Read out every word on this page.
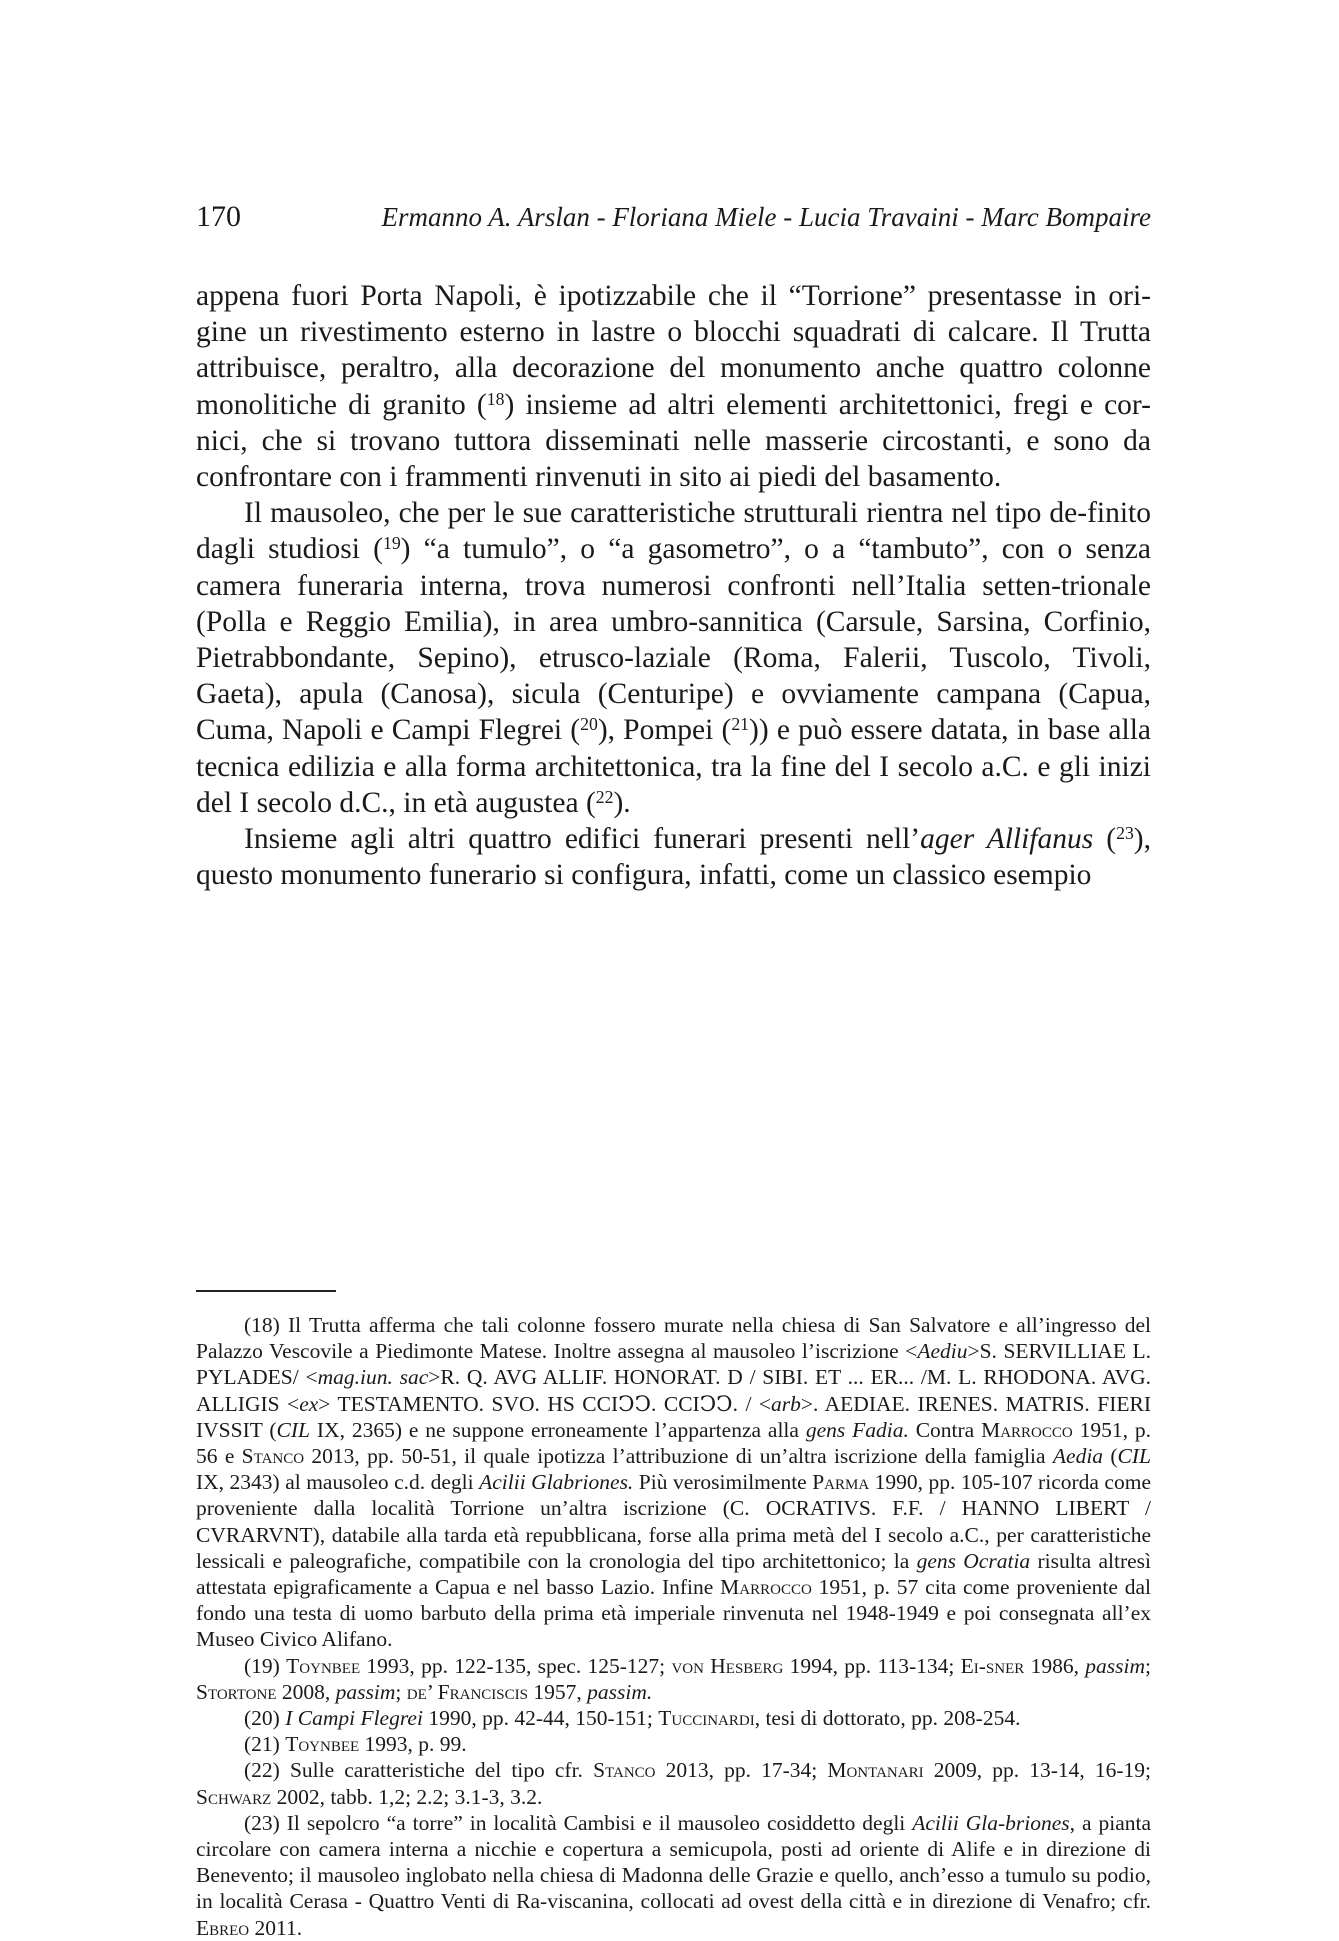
170	Ermanno A. Arslan - Floriana Miele - Lucia Travaini - Marc Bompaire

appena fuori Porta Napoli, è ipotizzabile che il “Torrione” presentasse in ori-gine un rivestimento esterno in lastre o blocchi squadrati di calcare. Il Trutta attribuisce, peraltro, alla decorazione del monumento anche quattro colonne monolitiche di granito ($^{18}$) insieme ad altri elementi architettonici, fregi e cor-nici, che si trovano tuttora disseminati nelle masserie circostanti, e sono da confrontare con i frammenti rinvenuti in sito ai piedi del basamento.

Il mausoleo, che per le sue caratteristiche strutturali rientra nel tipo de-finito dagli studiosi ($^{19}$) “a tumulo”, o “a gasometro”, o a “tambuto”, con o senza camera funeraria interna, trova numerosi confronti nell’Italia setten-trionale (Polla e Reggio Emilia), in area umbro-sannitica (Carsule, Sarsina, Corfinio, Pietrabbondante, Sepino), etrusco-laziale (Roma, Falerii, Tuscolo, Tivoli, Gaeta), apula (Canosa), sicula (Centuripe) e ovviamente campana (Capua, Cuma, Napoli e Campi Flegrei ($^{20}$), Pompei ($^{21}$)) e può essere datata, in base alla tecnica edilizia e alla forma architettonica, tra la fine del I secolo a.C. e gli inizi del I secolo d.C., in età augustea ($^{22}$).

Insieme agli altri quattro edifici funerari presenti nell’ager Allifanus ($^{23}$), questo monumento funerario si configura, infatti, come un classico esempio

(18) Il Trutta afferma che tali colonne fossero murate nella chiesa di San Salvatore e all’ingresso del Palazzo Vescovile a Piedimonte Matese. Inoltre assegna al mausoleo l’iscrizione <Aediu>S. SERVILLIAE L. PYLADES/ <mag.iun. sac>R. Q. AVG ALLIF. HONORAT. D / SIBI. ET ... ER... /M. L. RHODONA. AVG. ALLIGIS <ex> TESTAMENTO. SVO. HS CCIↃↃ. CCIↃↃ. / <arb>. AEDIAE. IRENES. MATRIS. FIERI IVSSIT (CIL IX, 2365) e ne suppone erroneamente l’appartenza alla gens Fadia. Contra Marrocco 1951, p. 56 e Stanco 2013, pp. 50-51, il quale ipotizza l’attribuzione di un’altra iscrizione della famiglia Aedia (CIL IX, 2343) al mausoleo c.d. degli Acilii Glabriones. Più verosimilmente Parma 1990, pp. 105-107 ricorda come proveniente dalla località Torrione un’altra iscrizione (C. OCRATIVS. F.F. / HANNO LIBERT / CVRARVNT), databile alla tarda età repubblicana, forse alla prima metà del I secolo a.C., per caratteristiche lessicali e paleografiche, compatibile con la cronologia del tipo architettonico; la gens Ocratia risulta altresì attestata epigraficamente a Capua e nel basso Lazio. Infine Marrocco 1951, p. 57 cita come proveniente dal fondo una testa di uomo barbuto della prima età imperiale rinvenuta nel 1948-1949 e poi consegnata all’ex Museo Civico Alifano.

(19) Toynbee 1993, pp. 122-135, spec. 125-127; von Hesberg 1994, pp. 113-134; Ei-sner 1986, passim; Stortone 2008, passim; de’ Franciscis 1957, passim.

(20) I Campi Flegrei 1990, pp. 42-44, 150-151; Tuccinardi, tesi di dottorato, pp. 208-254.

(21) Toynbee 1993, p. 99.

(22) Sulle caratteristiche del tipo cfr. Stanco 2013, pp. 17-34; Montanari 2009, pp. 13-14, 16-19; Schwarz 2002, tabb. 1,2; 2.2; 3.1-3, 3.2.

(23) Il sepolcro “a torre” in località Cambisi e il mausoleo cosiddetto degli Acilii Gla-briones, a pianta circolare con camera interna a nicchie e copertura a semicupola, posti ad oriente di Alife e in direzione di Benevento; il mausoleo inglobato nella chiesa di Madonna delle Grazie e quello, anch’esso a tumulo su podio, in località Cerasa - Quattro Venti di Ra-viscanina, collocati ad ovest della città e in direzione di Venafro; cfr. Ebreo 2011.
